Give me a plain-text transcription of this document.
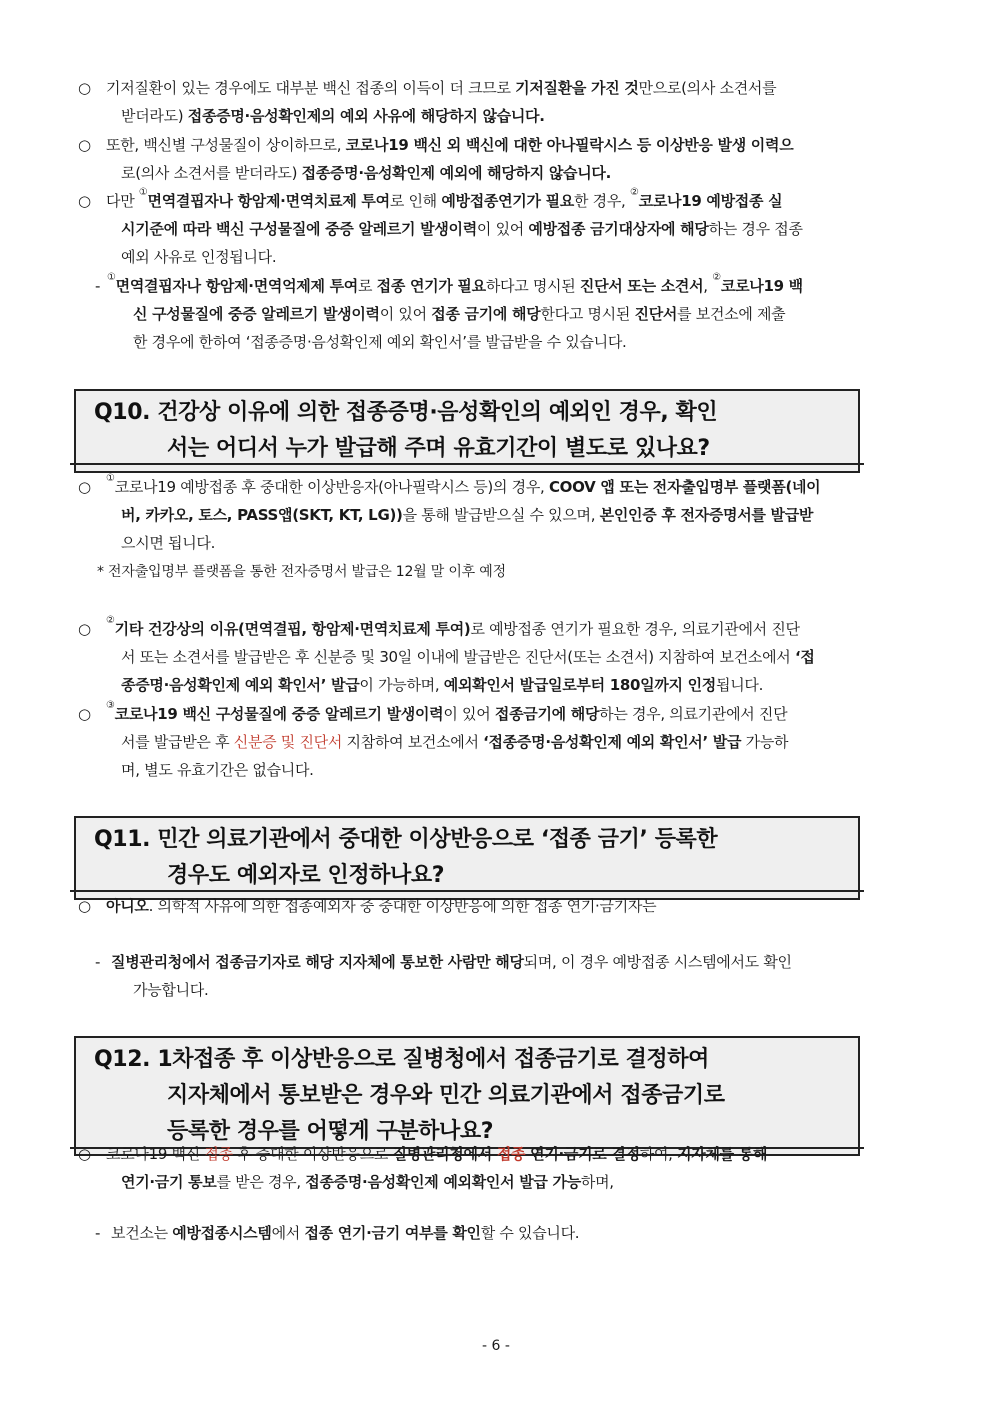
○ 기저질환이 있는 경우에도 대부분 백신 접종의 이득이 더 크므로 기저질환을 가진 것만으로(의사 소견서를
받더라도) 접종증명·음성확인제의 예외 사유에 해당하지 않습니다.
○ 또한, 백신별 구성물질이 상이하므로, 코로나19 백신 외 백신에 대한 아나필락시스 등 이상반응 발생 이력으
로(의사 소견서를 받더라도) 접종증명·음성확인제 예외에 해당하지 않습니다.
○ 다만 ①면역결핍자나 항암제·면역치료제 투여로 인해 예방접종연기가 필요한 경우, ②코로나19 예방접종 실
시기준에 따라 백신 구성물질에 중증 알레르기 발생이력이 있어 예방접종 금기대상자에 해당하는 경우 접종
예외 사유로 인정됩니다.
- ①면역결핍자나 항암제·면역억제제 투여로 접종 연기가 필요하다고 명시된 진단서 또는 소견서, ②코로나19 백
신 구성물질에 중증 알레르기 발생이력이 있어 접종 금기에 해당한다고 명시된 진단서를 보건소에 제출
한 경우에 한하여 ‘접종증명·음성확인제 예외 확인서’를 발급받을 수 있습니다.
Q10. 건강상 이유에 의한 접종증명·음성확인의 예외인 경우, 확인
서는 어디서 누가 발급해 주며 유효기간이 별도로 있나요?
○ ①코로나19 예방접종 후 중대한 이상반응자(아나필락시스 등)의 경우, COOV 앱 또는 전자출입명부 플랫폼(네이
버, 카카오, 토스, PASS앱(SKT, KT, LG))을 통해 발급받으실 수 있으며, 본인인증 후 전자증명서를 발급받
으시면 됩니다.
* 전자출입명부 플랫폼을 통한 전자증명서 발급은 12월 말 이후 예정
○ ②기타 건강상의 이유(면역결핍, 항암제·면역치료제 투여)로 예방접종 연기가 필요한 경우, 의료기관에서 진단
서 또는 소견서를 발급받은 후 신분증 및 30일 이내에 발급받은 진단서(또는 소견서) 지참하여 보건소에서 ‘접
종증명·음성확인제 예외 확인서’ 발급이 가능하며, 예외확인서 발급일로부터 180일까지 인정됩니다.
○ ③코로나19 백신 구성물질에 중증 알레르기 발생이력이 있어 접종금기에 해당하는 경우, 의료기관에서 진단
서를 발급받은 후 신분증 및 진단서 지참하여 보건소에서 ‘접종증명·음성확인제 예외 확인서’ 발급 가능하
며, 별도 유효기간은 없습니다.
Q11. 민간 의료기관에서 중대한 이상반응으로 ‘접종 금기’ 등록한
경우도 예외자로 인정하나요?
○ 아니오. 의학적 사유에 의한 접종예외자 중 중대한 이상반응에 의한 접종 연기·금기자는
- 질병관리청에서 접종금기자로 해당 지자체에 통보한 사람만 해당되며, 이 경우 예방접종 시스템에서도 확인
가능합니다.
Q12. 1차접종 후 이상반응으로 질병청에서 접종금기로 결정하여
지자체에서 통보받은 경우와 민간 의료기관에서 접종금기로
등록한 경우를 어떻게 구분하나요?
○ 코로나19 백신 접종 후 중대한 이상반응으로 질병관리청에서 접종 연기·금기로 결정하여, 지자체를 통해
연기·금기 통보를 받은 경우, 접종증명·음성확인제 예외확인서 발급 가능하며,
- 보건소는 예방접종시스템에서 접종 연기·금기 여부를 확인할 수 있습니다.
- 6 -
